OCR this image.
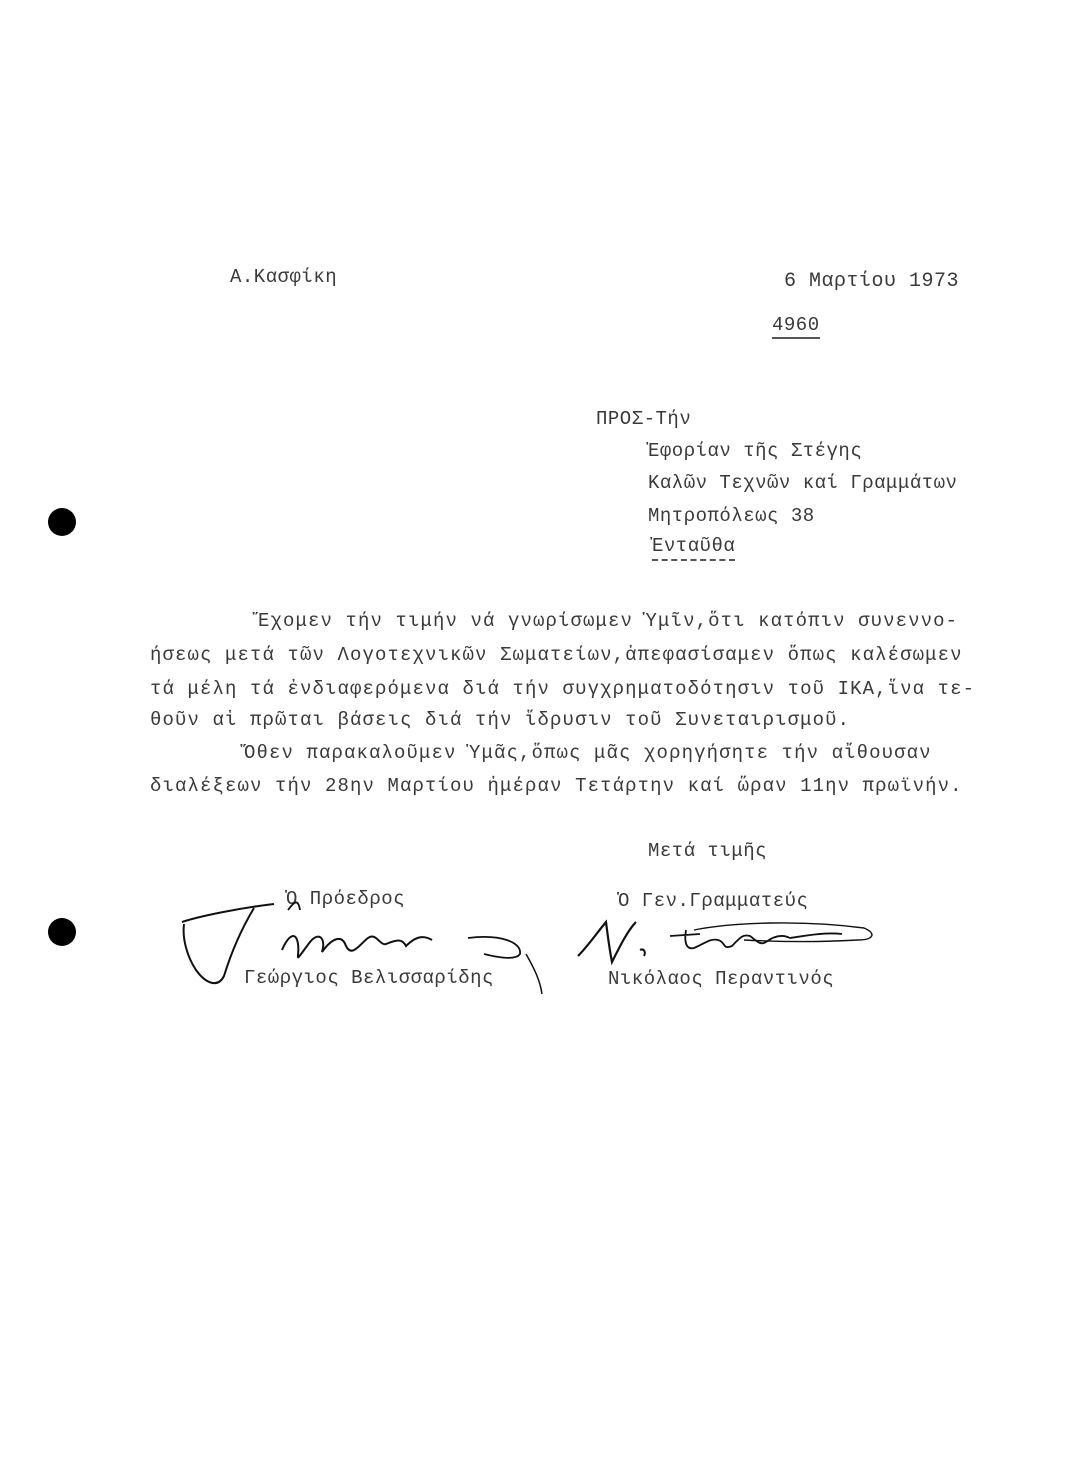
Α.Κασφίκη	6 Μαρτίου 1973
4960
ΠΡΟΣ-Τήν
Ἐφορίαν τῆς Στέγης
Καλῶν Τεχνῶν καί Γραμμάτων
Μητροπόλεως 38
Ἐνταῦθα
Ἔχομεν τήν τιμήν νά γνωρίσωμεν Ὑμῖν,ὅτι κατόπιν συνεννο-
ήσεως μετά τῶν Λογοτεχνικῶν Σωματείων,ἀπεφασίσαμεν ὅπως καλέσωμεν
τά μέλη τά ἐνδιαφερόμενα διά τήν συγχρηματοδότησιν τοῦ ΙΚΑ,ἵνα τε-
θοῦν αἱ πρῶται βάσεις διά τήν ἵδρυσιν τοῦ Συνεταιρισμοῦ.
Ὅθεν παρακαλοῦμεν Ὑμᾶς,ὅπως μᾶς χορηγήσητε τήν αἴθουσαν
διαλέξεων τήν 28ην Μαρτίου ἡμέραν Τετάρτην καί ὥραν 11ην πρωϊνήν.
Μετά τιμῆς
Ὁ Πρόεδρος	Ὁ Γεν.Γραμματεύς
Γεώργιος Βελισσαρίδης	Νικόλαος Περαντινός
